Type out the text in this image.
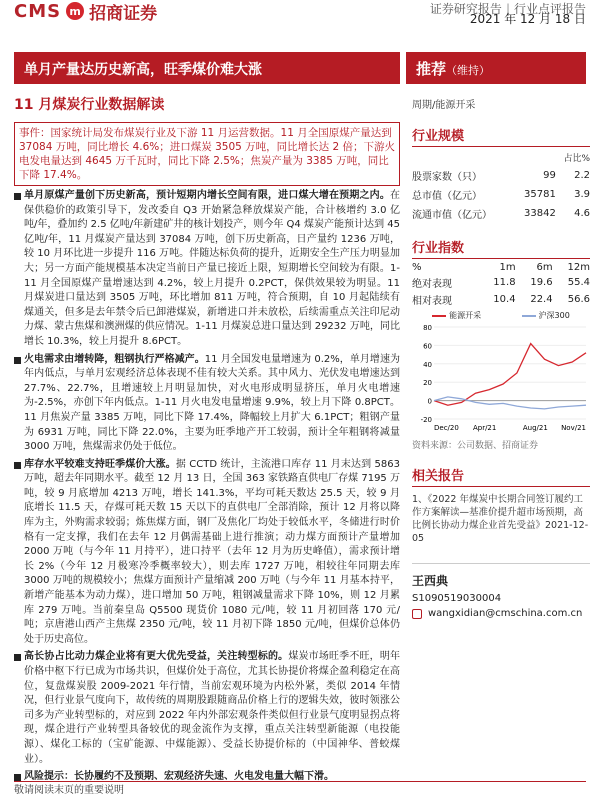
CMS m 招商证券	证券研究报告 | 行业点评报告
2021 年 12 月 18 日
单月产量达历史新高，旺季煤价难大涨	推荐（维持）
11 月煤炭行业数据解读
事件：国家统计局发布煤炭行业及下游 11 月运营数据。11 月全国原煤产量达到 37084 万吨，同比增长 4.6%；进口煤炭 3505 万吨，同比增长达 2 倍；下游火电发电量达到 4645 万千瓦时，同比下降 2.5%；焦炭产量为 3385 万吨，同比下降 17.4%。
单月原煤产量创下历史新高，预计短期内增长空间有限，进口煤大增在预期之内。在保供稳价的政策引导下，发改委自 Q3 开始紧急释放煤炭产能，合计核增约 3.0 亿吨/年，叠加约 2.5 亿吨/年新建矿井的核计划投产，则今年 Q4 煤炭产能预计达到 45 亿吨/年，11 月煤炭产量达到 37084 万吨，创下历史新高，日产量约 1236 万吨，较 10 月环比进一步提升 116 万吨。伴随达标负荷的提升，近期安全生产压力明显加大；另一方面产能规模基本决定当前日产量已接近上限，短期增长空间较为有限。1-11 月全国原煤产量增速达到 4.2%，较上月提升 0.2PCT，保供效果较为明显。11 月煤炭进口量达到 3505 万吨，环比增加 811 万吨，符合预期，自 10 月起陆续有煤通关，但多是去年禁令后已卸港煤炭，新增进口并未放松，后续需重点关注印尼动力煤、蒙古焦煤和澳洲煤的供应情况。1-11 月煤炭总进口量达到 29232 万吨，同比增长 10.3%，较上月提升 8.6PCT。
火电需求由增转降，粗钢执行严格减产。11 月全国发电量增速为 0.2%，单月增速为年内低点，与单月宏观经济总体表现不佳有较大关系。其中风力、光伏发电增速达到 27.7%、22.7%，且增速较上月明显加快，对火电形成明显挤压，单月火电增速为-2.5%，亦创下年内低点。1-11 月火电发电量增速 9.9%，较上月下降 0.8PCT。11 月焦炭产量 3385 万吨，同比下降 17.4%，降幅较上月扩大 6.1PCT；粗钢产量为 6931 万吨，同比下降 22.0%，主要为旺季地产开工较弱，预计全年粗钢将减量 3000 万吨，焦煤需求仍处于低位。
库存水平较难支持旺季煤价大涨。据 CCTD 统计，主流港口库存 11 月末达到 5863 万吨，超去年同期水平。截至 12 月 13 日，全国 363 家铁路直供电厂存煤 7195 万吨，较 9 月底增加 4213 万吨，增长 141.3%，平均可耗天数达 25.5 天，较 9 月底增长 11.5 天，存煤可耗天数 15 天以下的直供电厂全部消除，预计 12 月将以降库为主，外购需求较弱；炼焦煤方面，钢厂及焦化厂均处于较低水平，冬储进行时价格有一定支撑，我们在去年 12 月偶需基础上进行推演；动力煤方面预计产量增加 2000 万吨（与今年 11 月持平），进口持平（去年 12 月为历史峰值），需求预计增长 2%（今年 12 月极寒冷季概率较大），则去库 1727 万吨，相较往年同期去库 3000 万吨的规模较小；焦煤方面预计产量缩减 200 万吨（与今年 11 月基本持平，新增产能基本为动力煤），进口增加 50 万吨，粗钢减量需求下降 10%，则 12 月累库 279 万吨。当前秦皇岛 Q5500 现货价 1080 元/吨，较 11 月初回落 170 元/吨；京唐港山西产主焦煤 2350 元/吨，较 11 月初下降 1850 元/吨，但煤价总体仍处于历史高位。
高长协占比动力煤企业将有更大优先受益，关注转型标的。煤炭市场旺季不旺，明年价格中枢下行已成为市场共识，但煤价处于高位，尤其长协提价将煤企盈利稳定在高位，复盘煤炭股 2009-2021 年行情，当前宏观环境为内松外紧，类似 2014 年情况，但行业景气度向下，故传统的周期股跟随商品价格上行的逻辑失效，彼时领涨公司多为产业转型标的，对应到 2022 年内外部宏观条件类似但行业景气度明显拐点将现，煤企进行产业转型具备较优的现金流作为支撑，重点关注转型新能源（电投能源）、煤化工标的（宝矿能源、中煤能源）、受益长协提价标的（中国神华、普蛟煤业）。
风险提示：长协履约不及预期、宏观经济失速、火电发电量大幅下滑。
周期/能源开采
行业规模
		占比%
股票家数（只）	99	2.2
总市值（亿元）	35781	3.9
流通市值（亿元）	33842	4.6
行业指数
%	1m	6m	12m
绝对表现	11.8	19.6	55.4
相对表现	10.4	22.4	56.6
能源开采	沪深300
80
60
40
20
0
-20
Dec/20 Apr/21	Aug/21 Nov/21
资料来源：公司数据、招商证券
相关报告
1、《2022 年煤炭中长期合同签订履约工作方案解读—基准价提升超市场预期，高比例长协动力煤企业首先受益》2021-12-05
王西典
S1090519030004
wangxidian@cmschina.com.cn
敬请阅读末页的重要说明
